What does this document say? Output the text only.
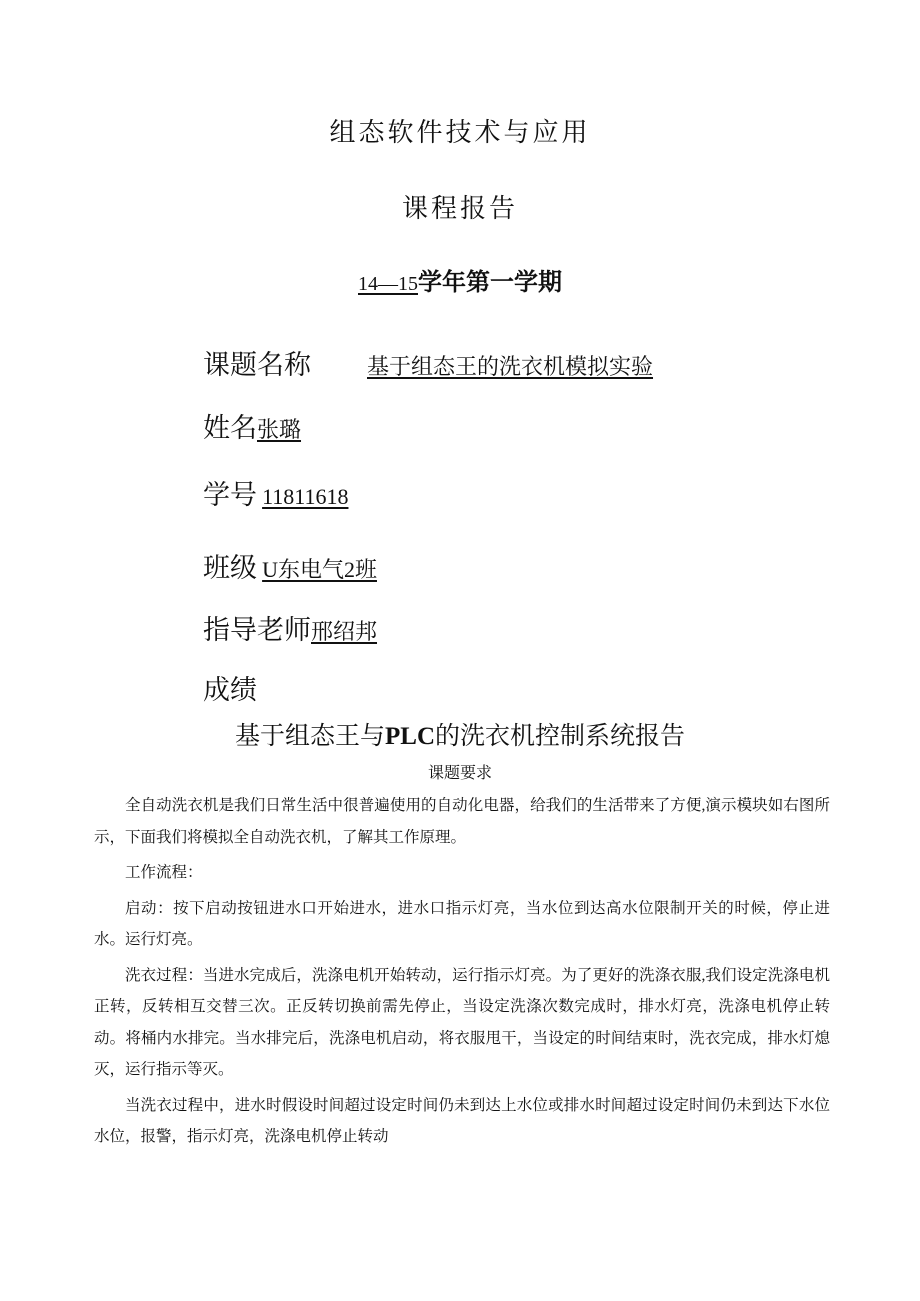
组态软件技术与应用
课程报告
14—15学年第一学期
课题名称	基于组态王的洗衣机模拟实验
姓名张璐
学号 11811618
班级 U东电气2班
指导老师邢绍邦
成绩
基于组态王与PLC的洗衣机控制系统报告
课题要求

全自动洗衣机是我们日常生活中很普遍使用的自动化电器，给我们的生活带来了方便,演示模块如右图所示，下面我们将模拟全自动洗衣机，了解其工作原理。

工作流程：

启动：按下启动按钮进水口开始进水，进水口指示灯亮，当水位到达高水位限制开关的时候，停止进水。运行灯亮。

洗衣过程：当进水完成后，洗涤电机开始转动，运行指示灯亮。为了更好的洗涤衣服,我们设定洗涤电机正转，反转相互交替三次。正反转切换前需先停止，当设定洗涤次数完成时，排水灯亮，洗涤电机停止转动。将桶内水排完。当水排完后，洗涤电机启动，将衣服甩干，当设定的时间结束时，洗衣完成，排水灯熄灭，运行指示等灭。

当洗衣过程中，进水时假设时间超过设定时间仍未到达上水位或排水时间超过设定时间仍未到达下水位水位，报警，指示灯亮，洗涤电机停止转动
